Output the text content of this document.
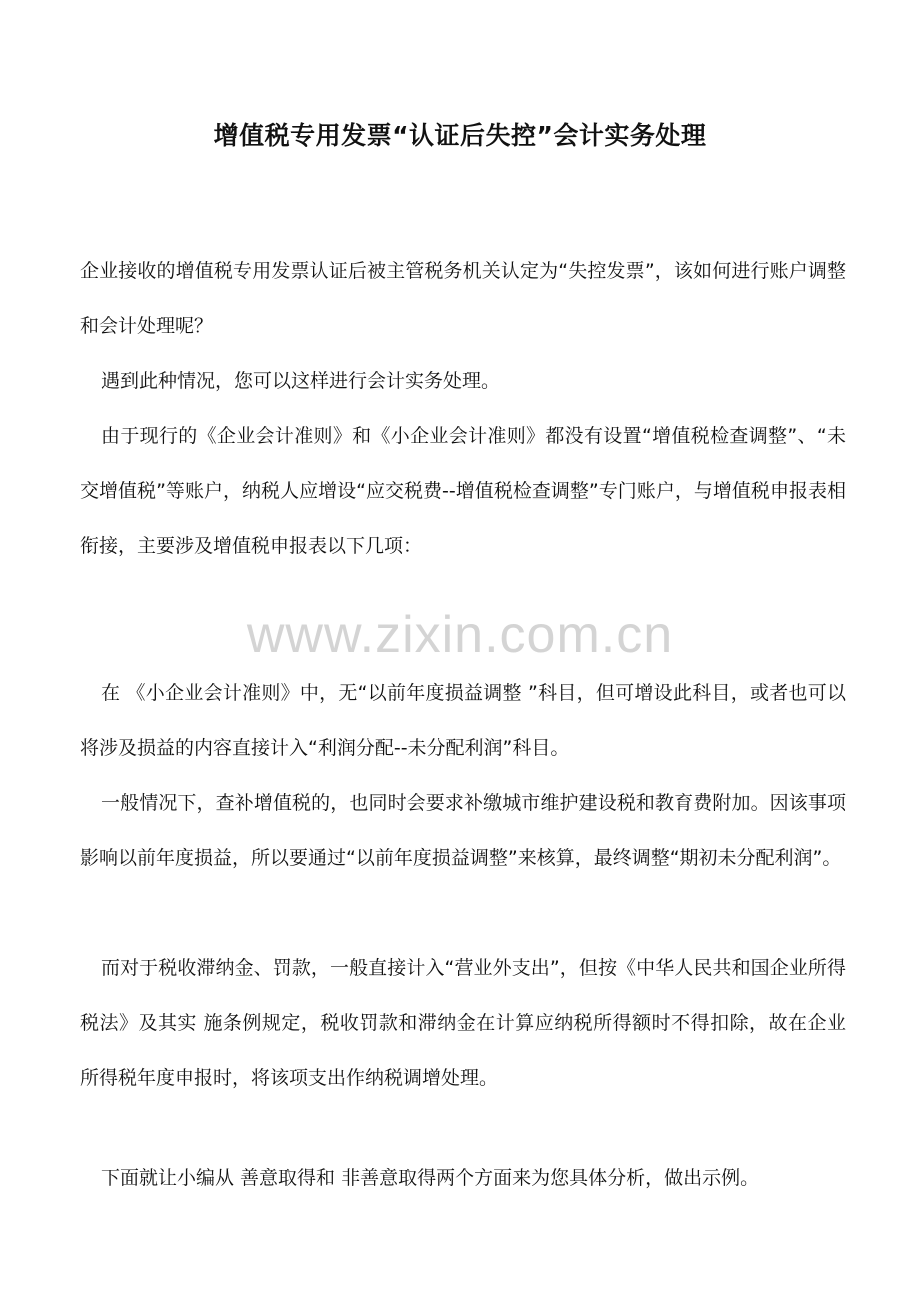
增值税专用发票“认证后失控”会计实务处理
www.zixin.com.cn

企业接收的增值税专用发票认证后被主管税务机关认定为“失控发票”，该如何进行账户调整和会计处理呢？

遇到此种情况，您可以这样进行会计实务处理。

由于现行的《企业会计准则》和《小企业会计准则》都没有设置“增值税检查调整”、“未交增值税”等账户，纳税人应增设“应交税费--增值税检查调整”专门账户，与增值税申报表相衔接，主要涉及增值税申报表以下几项：

在 《小企业会计准则》中，无“以前年度损益调整 ”科目，但可增设此科目，或者也可以将涉及损益的内容直接计入“利润分配--未分配利润”科目。

一般情况下，查补增值税的，也同时会要求补缴城市维护建设税和教育费附加。因该事项影响以前年度损益，所以要通过“以前年度损益调整”来核算，最终调整“期初未分配利润”。

而对于税收滞纳金、罚款，一般直接计入“营业外支出”，但按《中华人民共和国企业所得税法》及其实 施条例规定，税收罚款和滞纳金在计算应纳税所得额时不得扣除，故在企业所得税年度申报时，将该项支出作纳税调增处理。

下面就让小编从 善意取得和 非善意取得两个方面来为您具体分析，做出示例。
